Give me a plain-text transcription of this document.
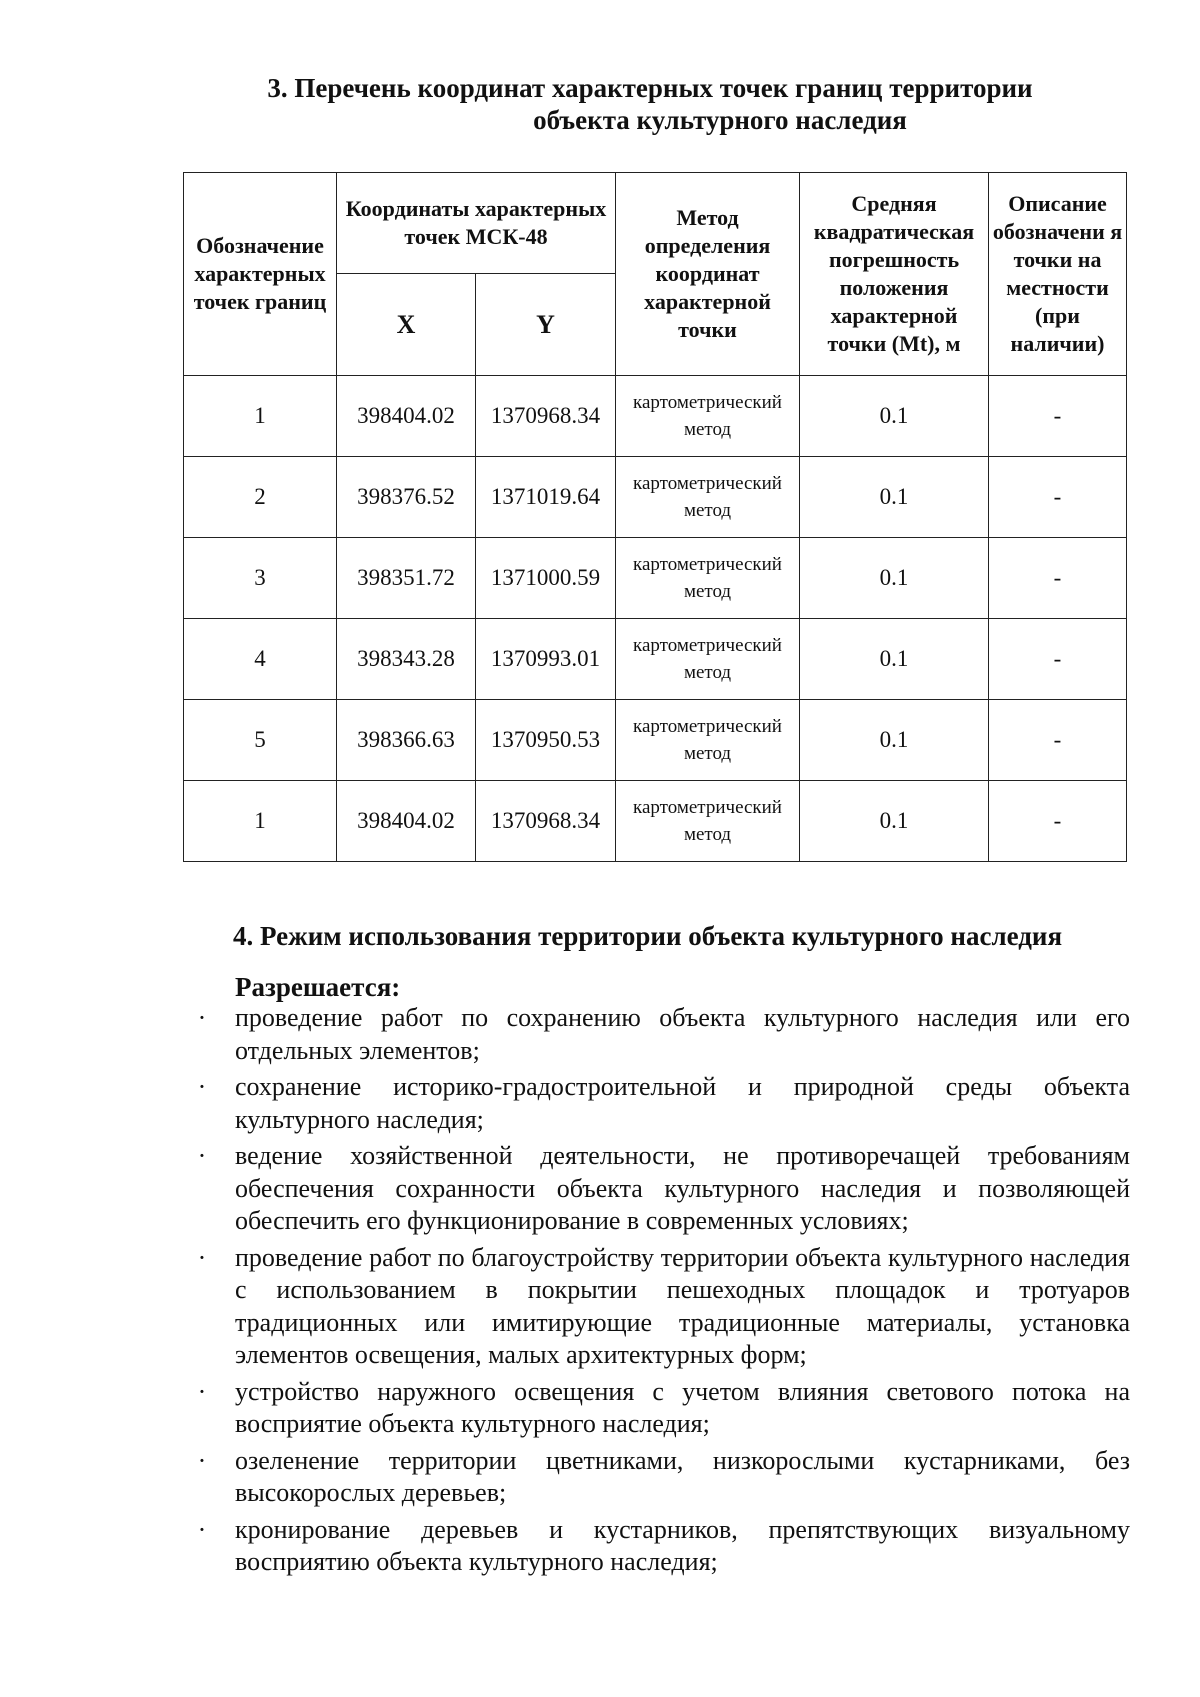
3. Перечень координат характерных точек границ территории
объекта культурного наследия
Обозначение характерных точек границ	Координаты характерных точек МСК-48		Метод определения координат характерной точки	Средняя квадратическая погрешность положения характерной точки (Mt), м	Описание обозначени я точки на местности (при наличии)
	X	Y			
1	398404.02	1370968.34	картометрический метод	0.1	-
2	398376.52	1371019.64	картометрический метод	0.1	-
3	398351.72	1371000.59	картометрический метод	0.1	-
4	398343.28	1370993.01	картометрический метод	0.1	-
5	398366.63	1370950.53	картометрический метод	0.1	-
1	398404.02	1370968.34	картометрический метод	0.1	-
4. Режим использования территории объекта культурного наследия
Разрешается:
· проведение работ по сохранению объекта культурного наследия или его отдельных элементов;
· сохранение историко-градостроительной и природной среды объекта культурного наследия;
· ведение хозяйственной деятельности, не противоречащей требованиям обеспечения сохранности объекта культурного наследия и позволяющей обеспечить его функционирование в современных условиях;
· проведение работ по благоустройству территории объекта культурного наследия с использованием в покрытии пешеходных площадок и тротуаров традиционных или имитирующие традиционные материалы, установка элементов освещения, малых архитектурных форм;
· устройство наружного освещения с учетом влияния светового потока на восприятие объекта культурного наследия;
· озеленение территории цветниками, низкорослыми кустарниками, без высокорослых деревьев;
· кронирование деревьев и кустарников, препятствующих визуальному восприятию объекта культурного наследия;
